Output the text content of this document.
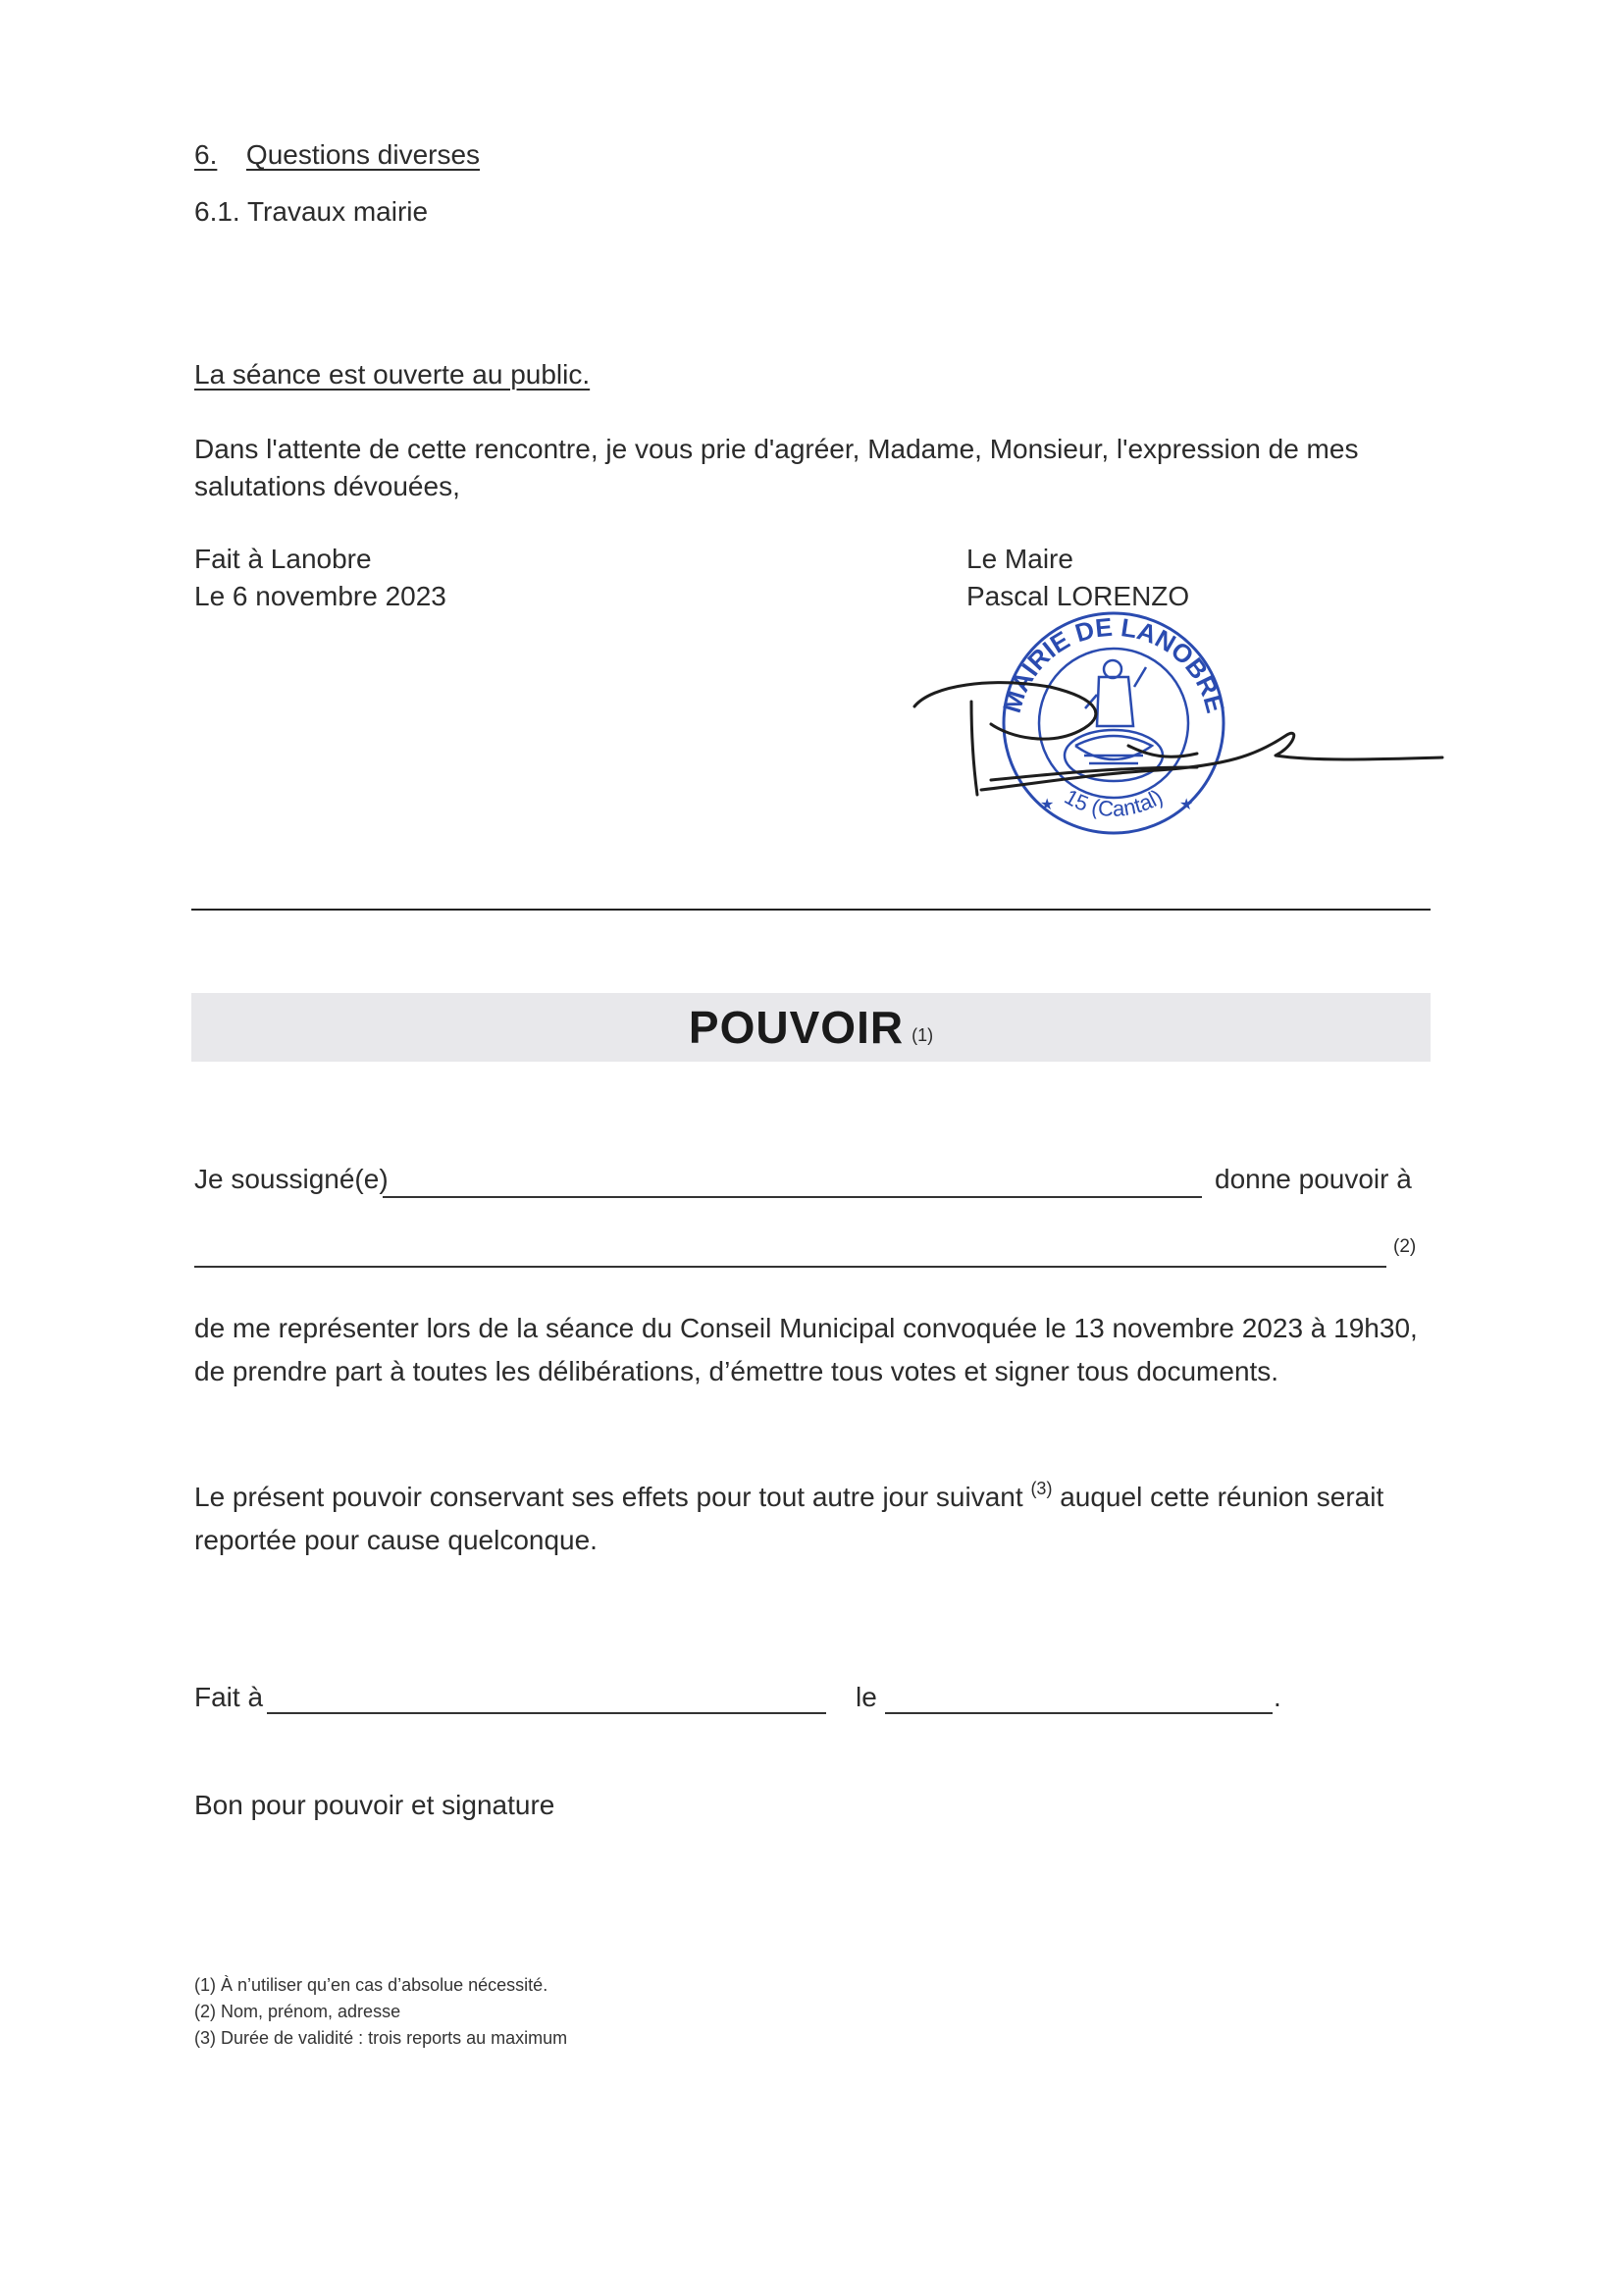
6. Questions diverses
6.1. Travaux mairie
La séance est ouverte au public.
Dans l'attente de cette rencontre, je vous prie d'agréer, Madame, Monsieur, l'expression de mes
salutations dévouées,
Fait à Lanobre
Le 6 novembre 2023
Le Maire
Pascal LORENZO
MAIRIE DE LANOBRE
15 (Cantal)
★	★
POUVOIR (1)
Je soussigné(e)	donne pouvoir à
(2)
de me représenter lors de la séance du Conseil Municipal convoquée le 13 novembre 2023 à 19h30,
de prendre part à toutes les délibérations, d’émettre tous votes et signer tous documents.
Le présent pouvoir conservant ses effets pour tout autre jour suivant $^{(3)}$ auquel cette réunion serait
reportée pour cause quelconque.
Fait à	le	.
Bon pour pouvoir et signature
(1) À n’utiliser qu’en cas d’absolue nécessité.
(2) Nom, prénom, adresse
(3) Durée de validité : trois reports au maximum
